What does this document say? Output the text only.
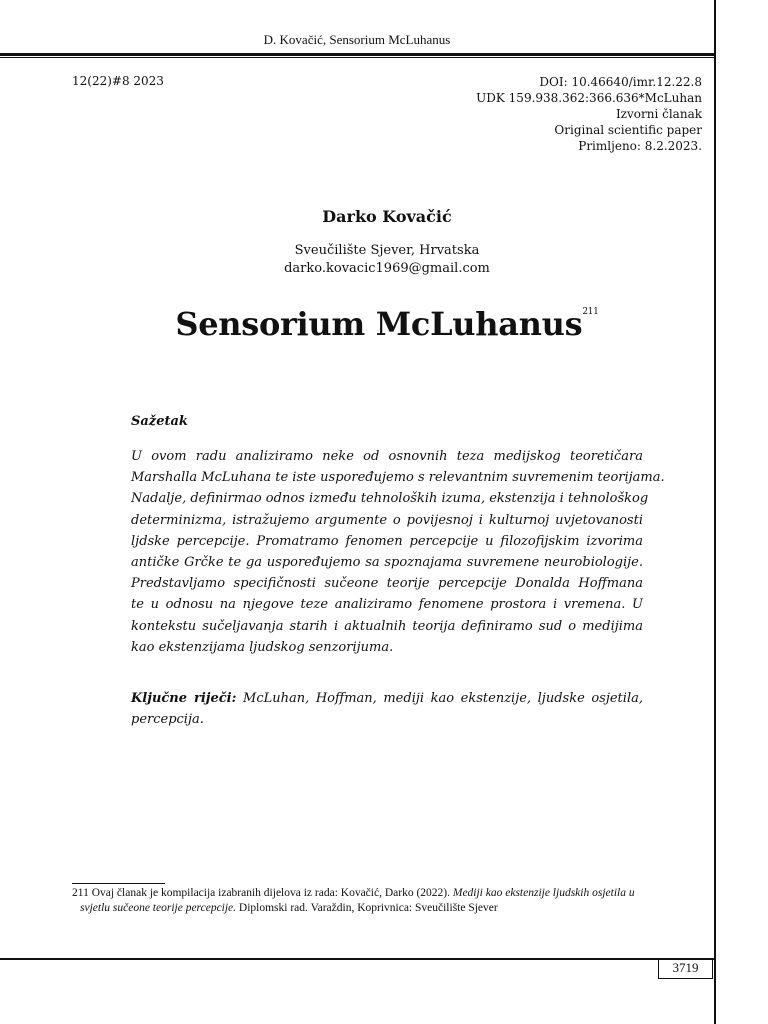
D. Kovačić, Sensorium McLuhanus
12(22)#8 2023	DOI: 10.46640/imr.12.22.8
UDK 159.938.362:366.636*McLuhan
Izvorni članak
Original scientific paper
Primljeno: 8.2.2023.
Darko Kovačić
Sveučilište Sjever, Hrvatska
darko.kovacic1969@gmail.com
Sensorium McLuhanus$^{211}$
Sažetak
U ovom radu analiziramo neke od osnovnih teza medijskog teoretičara
Marshalla McLuhana te iste uspoređujemo s relevantnim suvremenim teorijama.
Nadalje, definirmao odnos između tehnoloških izuma, ekstenzija i tehnološkog
determinizma, istražujemo argumente o povijesnoj i kulturnoj uvjetovanosti
ljdske percepcije. Promatramo fenomen percepcije u filozofijskim izvorima
antičke Grčke te ga uspoređujemo sa spoznajama suvremene neurobiologije.
Predstavljamo specifičnosti sučeone teorije percepcije Donalda Hoffmana
te u odnosu na njegove teze analiziramo fenomene prostora i vremena. U
kontekstu sučeljavanja starih i aktualnih teorija definiramo sud o medijima
kao ekstenzijama ljudskog senzorijuma.
Ključne riječi: McLuhan, Hoffman, mediji kao ekstenzije, ljudske osjetila,
percepcija.
211 Ovaj članak je kompilacija izabranih dijelova iz rada: Kovačić, Darko (2022). Mediji kao ekstenzije ljudskih osjetila u
svjetlu sučeone teorije percepcije. Diplomski rad. Varaždin, Koprivnica: Sveučilište Sjever
3719
